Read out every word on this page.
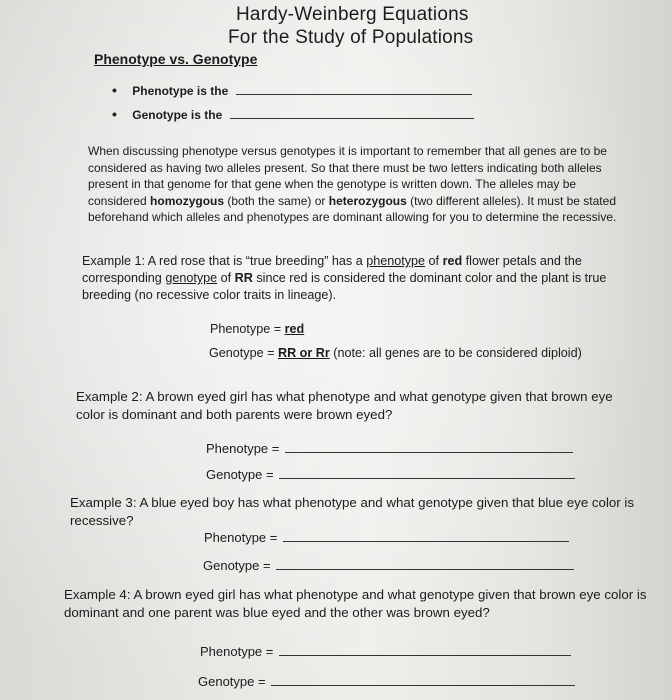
Hardy-Weinberg Equations
For the Study of Populations
Phenotype vs. Genotype
• Phenotype is the
• Genotype is the
When discussing phenotype versus genotypes it is important to remember that all genes are to be considered as having two alleles present. So that there must be two letters indicating both alleles present in that genome for that gene when the genotype is written down. The alleles may be considered homozygous (both the same) or heterozygous (two different alleles). It must be stated beforehand which alleles and phenotypes are dominant allowing for you to determine the recessive.
Example 1: A red rose that is “true breeding” has a phenotype of red flower petals and the corresponding genotype of RR since red is considered the dominant color and the plant is true breeding (no recessive color traits in lineage).
Phenotype = red
Genotype = RR or Rr (note: all genes are to be considered diploid)
Example 2: A brown eyed girl has what phenotype and what genotype given that brown eye color is dominant and both parents were brown eyed?
Phenotype =
Genotype =
Example 3: A blue eyed boy has what phenotype and what genotype given that blue eye color is recessive?
Phenotype =
Genotype =
Example 4: A brown eyed girl has what phenotype and what genotype given that brown eye color is dominant and one parent was blue eyed and the other was brown eyed?
Phenotype =
Genotype =
